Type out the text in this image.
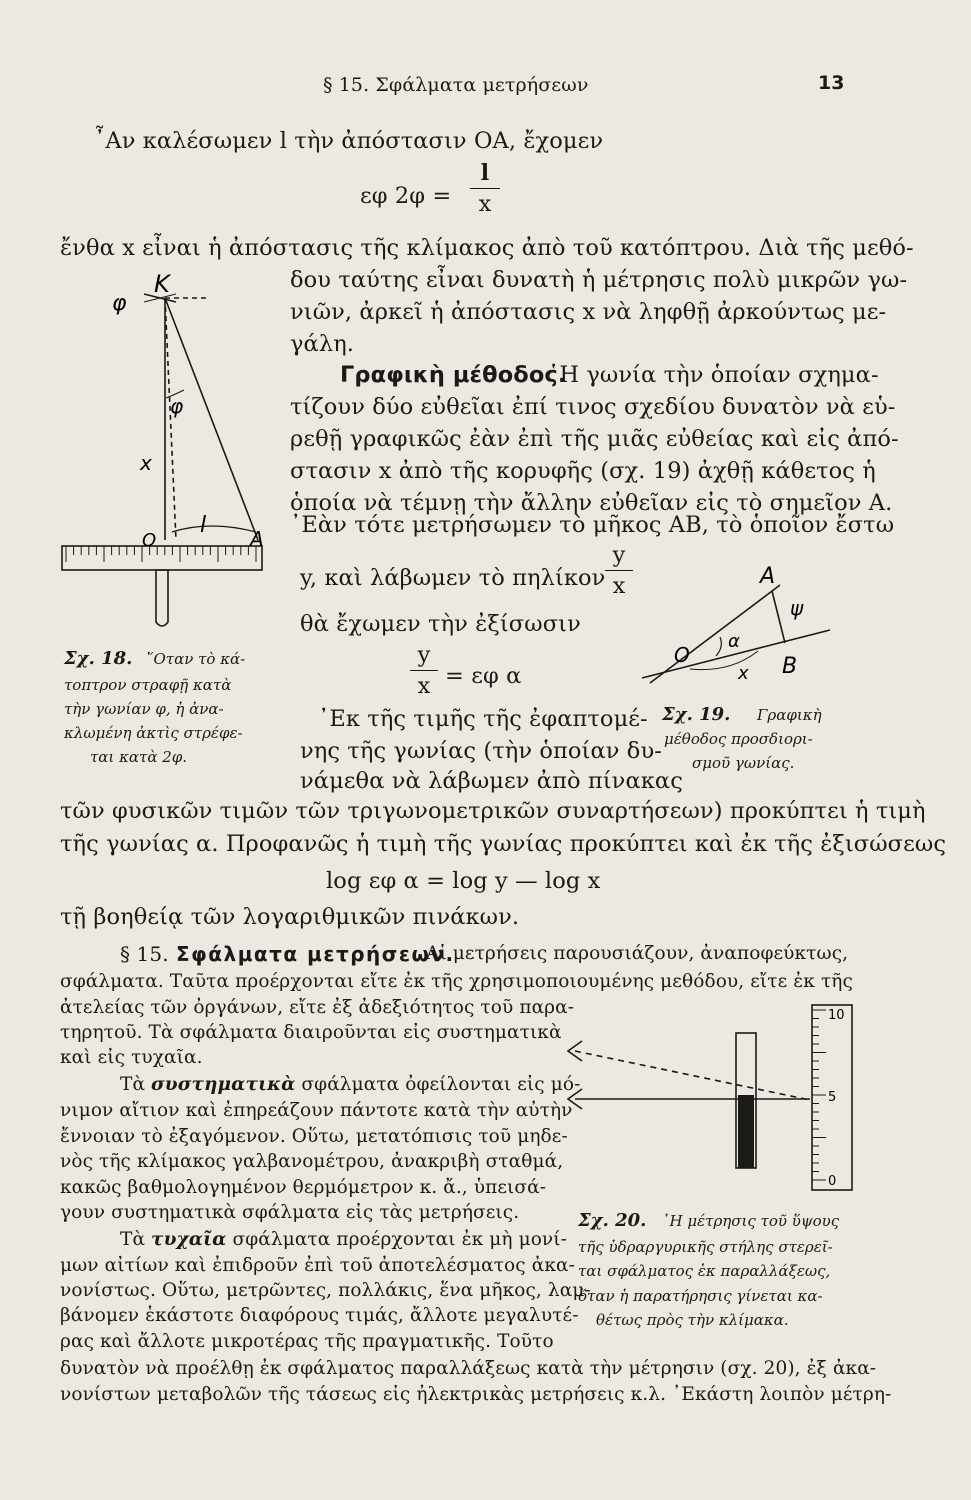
§ 15. Σφάλματα μετρήσεων	13
῏Αν καλέσωμεν l τὴν ἀπόστασιν ΟΑ, ἔχομεν
εφ 2φ =
l
x
ἔνθα x εἶναι ἡ ἀπόστασις τῆς κλίμακος ἀπὸ τοῦ κατόπτρου. Διὰ τῆς μεθό-
δου ταύτης εἶναι δυνατὴ ἡ μέτρησις πολὺ μικρῶν γω-
νιῶν, ἀρκεῖ ἡ ἀπόστασις x νὰ ληφθῇ ἀρκούντως με-
γάλη.
Γραφικὴ μέθοδος.
῾Η γωνία τὴν ὁποίαν σχημα-
τίζουν δύο εὐθεῖαι ἐπί τινος σχεδίου δυνατὸν νὰ εὑ-
ρεθῇ γραφικῶς ἐὰν ἐπὶ τῆς μιᾶς εὐθείας καὶ εἰς ἀπό-
στασιν x ἀπὸ τῆς κορυφῆς (σχ. 19) ἀχθῇ κάθετος ἡ
ὁποία νὰ τέμνῃ τὴν ἄλλην εὐθεῖαν εἰς τὸ σημεῖον Α.
᾿Εὰν τότε μετρήσωμεν τὸ μῆκος ΑΒ, τὸ ὁποῖον ἔστω
y, καὶ λάβωμεν τὸ πηλίκον
y
x
θὰ ἔχωμεν τὴν ἐξίσωσιν
y
x = εφ α
᾿Εκ τῆς τιμῆς τῆς ἐφαπτομέ-
νης τῆς γωνίας (τὴν ὁποίαν δυ-
νάμεθα νὰ λάβωμεν ἀπὸ πίνακας
τῶν φυσικῶν τιμῶν τῶν τριγωνομετρικῶν συναρτήσεων) προκύπτει ἡ τιμὴ
τῆς γωνίας α. Προφανῶς ἡ τιμὴ τῆς γωνίας προκύπτει καὶ ἐκ τῆς ἐξισώσεως
log εφ α = log y — log x
τῇ βοηθείᾳ τῶν λογαριθμικῶν πινάκων.
§ 15. Σφάλματα μετρήσεων.
Αἱ μετρήσεις παρουσιάζουν, ἀναποφεύκτως,
σφάλματα. Ταῦτα προέρχονται εἴτε ἐκ τῆς χρησιμοποιουμένης μεθόδου, εἴτε ἐκ τῆς
ἀτελείας τῶν ὀργάνων, εἴτε ἐξ ἀδεξιότητος τοῦ παρα-
τηρητοῦ. Τὰ σφάλματα διαιροῦνται εἰς συστηματικὰ
καὶ εἰς τυχαῖα.
Τὰ συστηματικὰ σφάλματα ὀφείλονται εἰς μό-
νιμον αἴτιον καὶ ἐπηρεάζουν πάντοτε κατὰ τὴν αὐτὴν
ἔννοιαν τὸ ἐξαγόμενον. Οὕτω, μετατόπισις τοῦ μηδε-
νὸς τῆς κλίμακος γαλβανομέτρου, ἀνακριβὴ σταθμά,
κακῶς βαθμολογημένον θερμόμετρον κ. ἄ., ὑπεισά-
γουν συστηματικὰ σφάλματα εἰς τὰς μετρήσεις.
Τὰ τυχαῖα σφάλματα προέρχονται ἐκ μὴ μονί-
μων αἰτίων καὶ ἐπιδροῦν ἐπὶ τοῦ ἀποτελέσματος ἀκα-
νονίστως. Οὕτω, μετρῶντες, πολλάκις, ἕνα μῆκος, λαμ-
βάνομεν ἑκάστοτε διαφόρους τιμάς, ἄλλοτε μεγαλυτέ-
ρας καὶ ἄλλοτε μικροτέρας τῆς πραγματικῆς. Τοῦτο
δυνατὸν νὰ προέλθῃ ἐκ σφάλματος παραλλάξεως κατὰ τὴν μέτρησιν (σχ. 20), ἐξ ἀκα-
νονίστων μεταβολῶν τῆς τάσεως εἰς ἠλεκτρικὰς μετρήσεις κ.λ. ᾿Εκάστη λοιπὸν μέτρη-
K
φ
φ
x
O
l
A
Σχ. 18. ῞Οταν τὸ κά-
τοπτρον στραφῇ κατὰ
τὴν γωνίαν φ, ἡ ἀνα-
κλωμένη ἀκτὶς στρέφε-
ται κατὰ 2φ.
A
ψ
α
O
x B
Σχ. 19. Γραφικὴ
μέθοδος προσδιορι-
σμοῦ γωνίας.
10
5
0
Σχ. 20. ῾Η μέτρησις τοῦ ὕψους
τῆς ὑδραργυρικῆς στήλης στερεῖ-
ται σφάλματος ἐκ παραλλάξεως,
ὅταν ἡ παρατήρησις γίνεται κα-
θέτως πρὸς τὴν κλίμακα.
